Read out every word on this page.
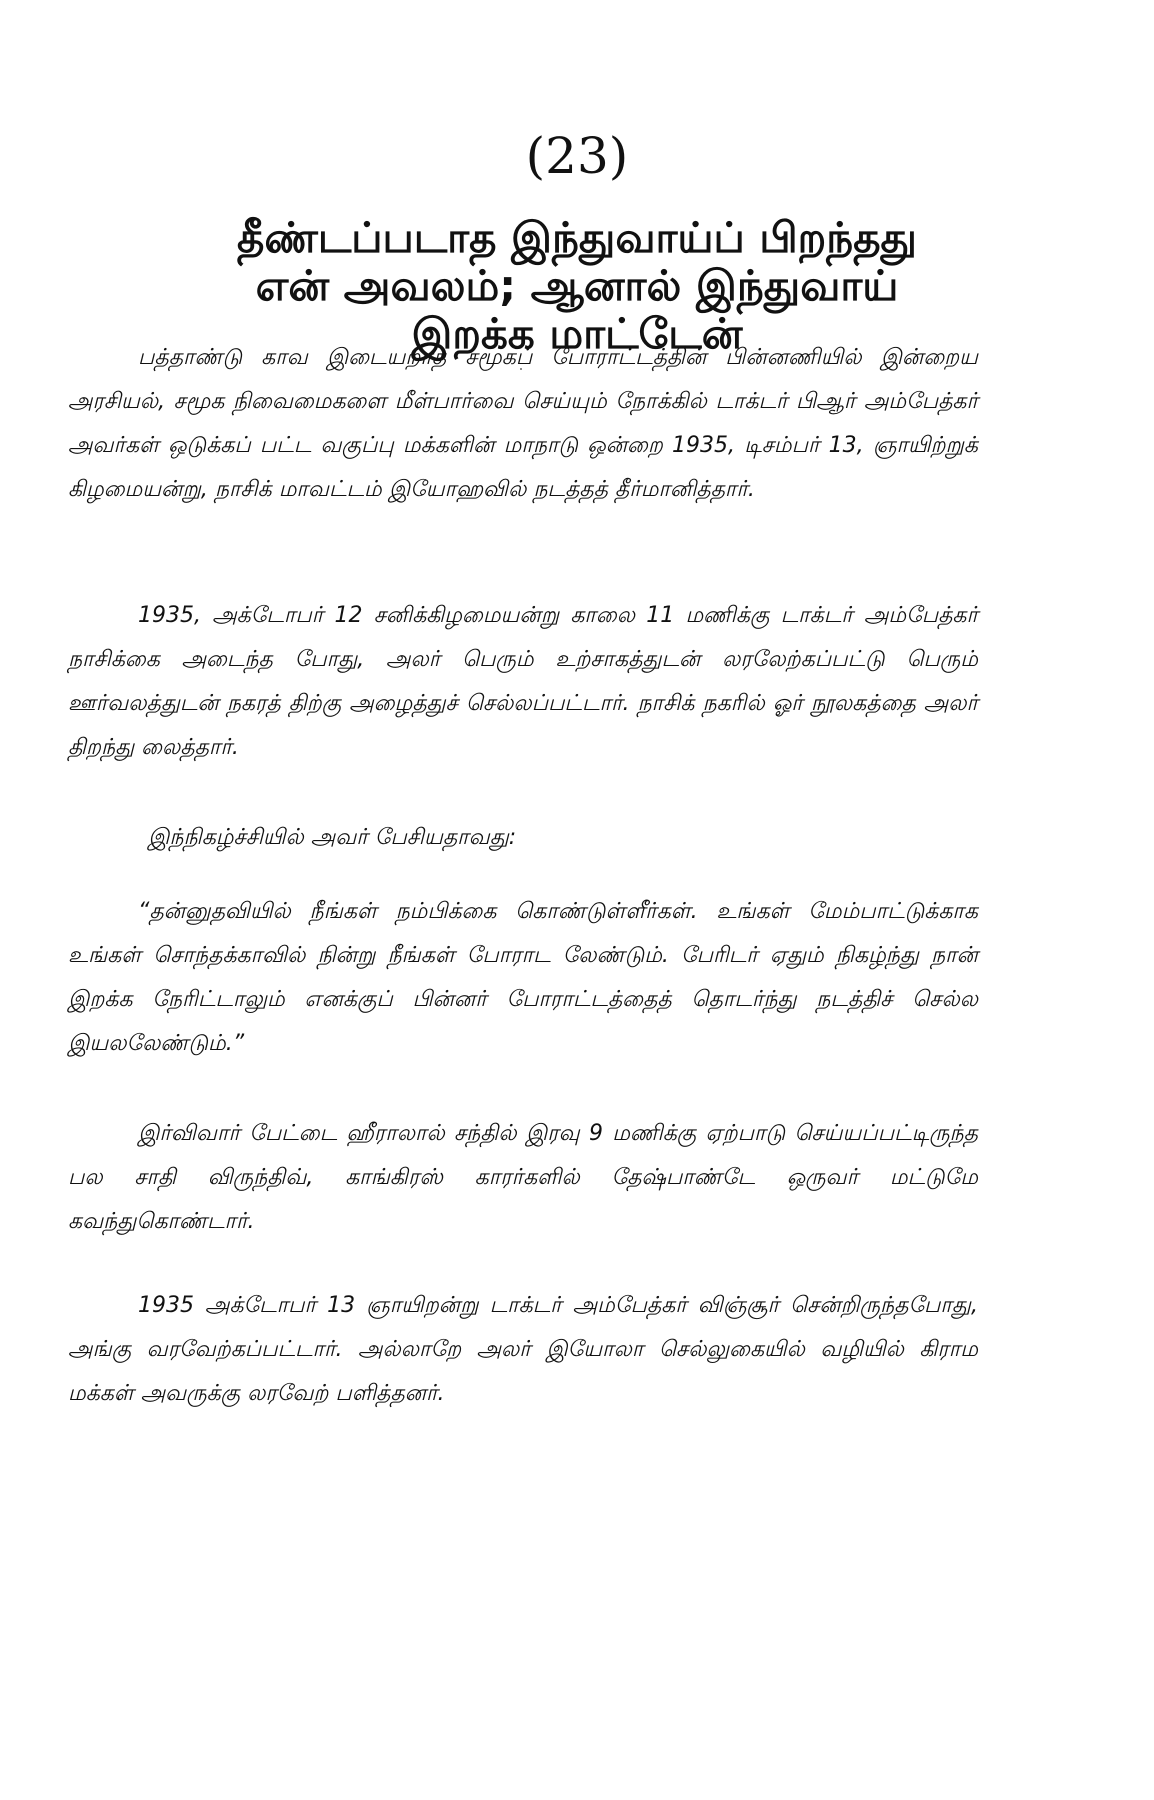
(23)
தீண்டப்படாத இந்துவாய்ப் பிறந்தது
என் அவலம்; ஆனால் இந்துவாய்
இறக்க மாட்டேன்

பத்தாண்டு காவ இடையறாத சமூகப் போராட்டத்தின் பின்னணியில் இன்றைய அரசியல், சமூக நிவைமைகளை மீள்பார்வை செய்யும் நோக்கில் டாக்டர் பிஆர் அம்பேத்கர் அவர்கள் ஒடுக்கப் பட்ட வகுப்பு மக்களின் மாநாடு ஒன்றை 1935, டிசம்பர் 13, ஞாயிற்றுக் கிழமையன்று, நாசிக் மாவட்டம் இயோஹவில் நடத்தத் தீர்மானித்தார்.

1935, அக்டோபர் 12 சனிக்கிழமையன்று காலை 11 மணிக்கு டாக்டர் அம்பேத்கர் நாசிக்கை அடைந்த போது, அலர் பெரும் உற்சாகத்துடன் லரலேற்கப்பட்டு பெரும் ஊர்வலத்துடன் நகரத் திற்கு அழைத்துச் செல்லப்பட்டார். நாசிக் நகரில் ஓர் நூலகத்தை அலர் திறந்து லைத்தார்.

இந்நிகழ்ச்சியில் அவர் பேசியதாவது:

“தன்னுதவியில் நீங்கள் நம்பிக்கை கொண்டுள்ளீர்கள். உங்கள் மேம்பாட்டுக்காக உங்கள் சொந்தக்காவில் நின்று நீங்கள் போராட லேண்டும். பேரிடர் ஏதும் நிகழ்ந்து நான் இறக்க நேரிட்டாலும் எனக்குப் பின்னர் போராட்டத்தைத் தொடர்ந்து நடத்திச் செல்ல இயலலேண்டும்.”

இர்விவார் பேட்டை ஹீராலால் சந்தில் இரவு 9 மணிக்கு ஏற்பாடு செய்யப்பட்டிருந்த பல சாதி விருந்திவ், காங்கிரஸ் காரர்களில் தேஷ்பாண்டே ஒருவர் மட்டுமே கவந்துகொண்டார்.

1935 அக்டோபர் 13 ஞாயிறன்று டாக்டர் அம்பேத்கர் விஞ்சூர் சென்றிருந்தபோது, அங்கு வரவேற்கப்பட்டார். அல்லாறே அலர் இயோலா செல்லுகையில் வழியில் கிராம மக்கள் அவருக்கு லரவேற் பளித்தனர்.
